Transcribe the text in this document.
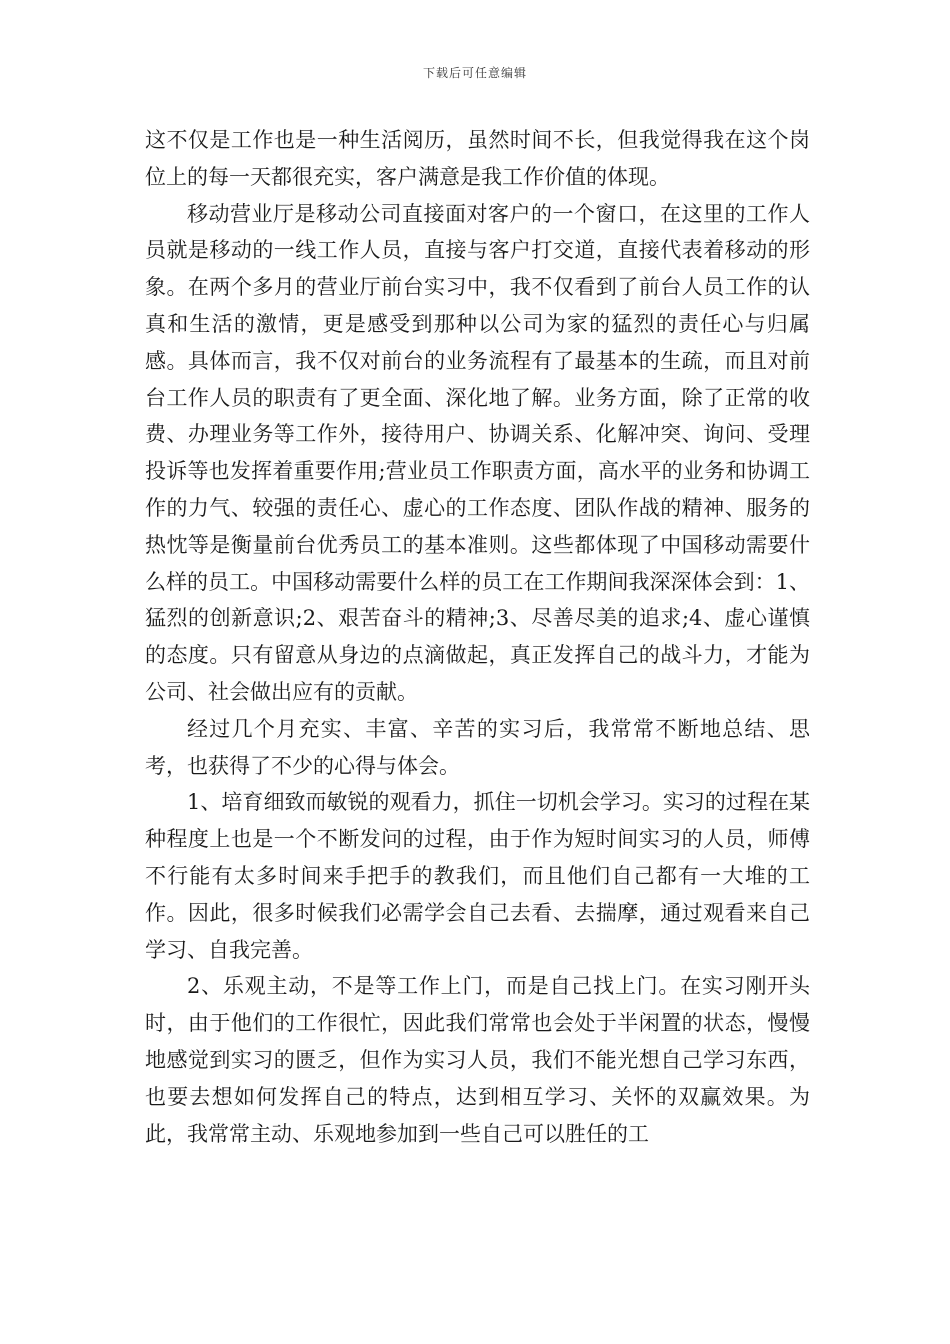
下载后可任意编辑

这不仅是工作也是一种生活阅历，虽然时间不长，但我觉得我在这个岗位上的每一天都很充实，客户满意是我工作价值的体现。

移动营业厅是移动公司直接面对客户的一个窗口，在这里的工作人员就是移动的一线工作人员，直接与客户打交道，直接代表着移动的形象。在两个多月的营业厅前台实习中，我不仅看到了前台人员工作的认真和生活的激情，更是感受到那种以公司为家的猛烈的责任心与归属感。具体而言，我不仅对前台的业务流程有了最基本的生疏，而且对前台工作人员的职责有了更全面、深化地了解。业务方面，除了正常的收费、办理业务等工作外，接待用户、协调关系、化解冲突、询问、受理投诉等也发挥着重要作用;营业员工作职责方面，高水平的业务和协调工作的力气、较强的责任心、虚心的工作态度、团队作战的精神、服务的热忱等是衡量前台优秀员工的基本准则。这些都体现了中国移动需要什么样的员工。中国移动需要什么样的员工在工作期间我深深体会到：1、猛烈的创新意识;2、艰苦奋斗的精神;3、尽善尽美的追求;4、虚心谨慎的态度。只有留意从身边的点滴做起，真正发挥自己的战斗力，才能为公司、社会做出应有的贡献。

经过几个月充实、丰富、辛苦的实习后，我常常不断地总结、思考，也获得了不少的心得与体会。

1、培育细致而敏锐的观看力，抓住一切机会学习。实习的过程在某种程度上也是一个不断发问的过程，由于作为短时间实习的人员，师傅不行能有太多时间来手把手的教我们，而且他们自己都有一大堆的工作。因此，很多时候我们必需学会自己去看、去揣摩，通过观看来自己学习、自我完善。

2、乐观主动，不是等工作上门，而是自己找上门。在实习刚开头时，由于他们的工作很忙，因此我们常常也会处于半闲置的状态，慢慢地感觉到实习的匮乏，但作为实习人员，我们不能光想自己学习东西，也要去想如何发挥自己的特点，达到相互学习、关怀的双赢效果。为此，我常常主动、乐观地参加到一些自己可以胜任的工
